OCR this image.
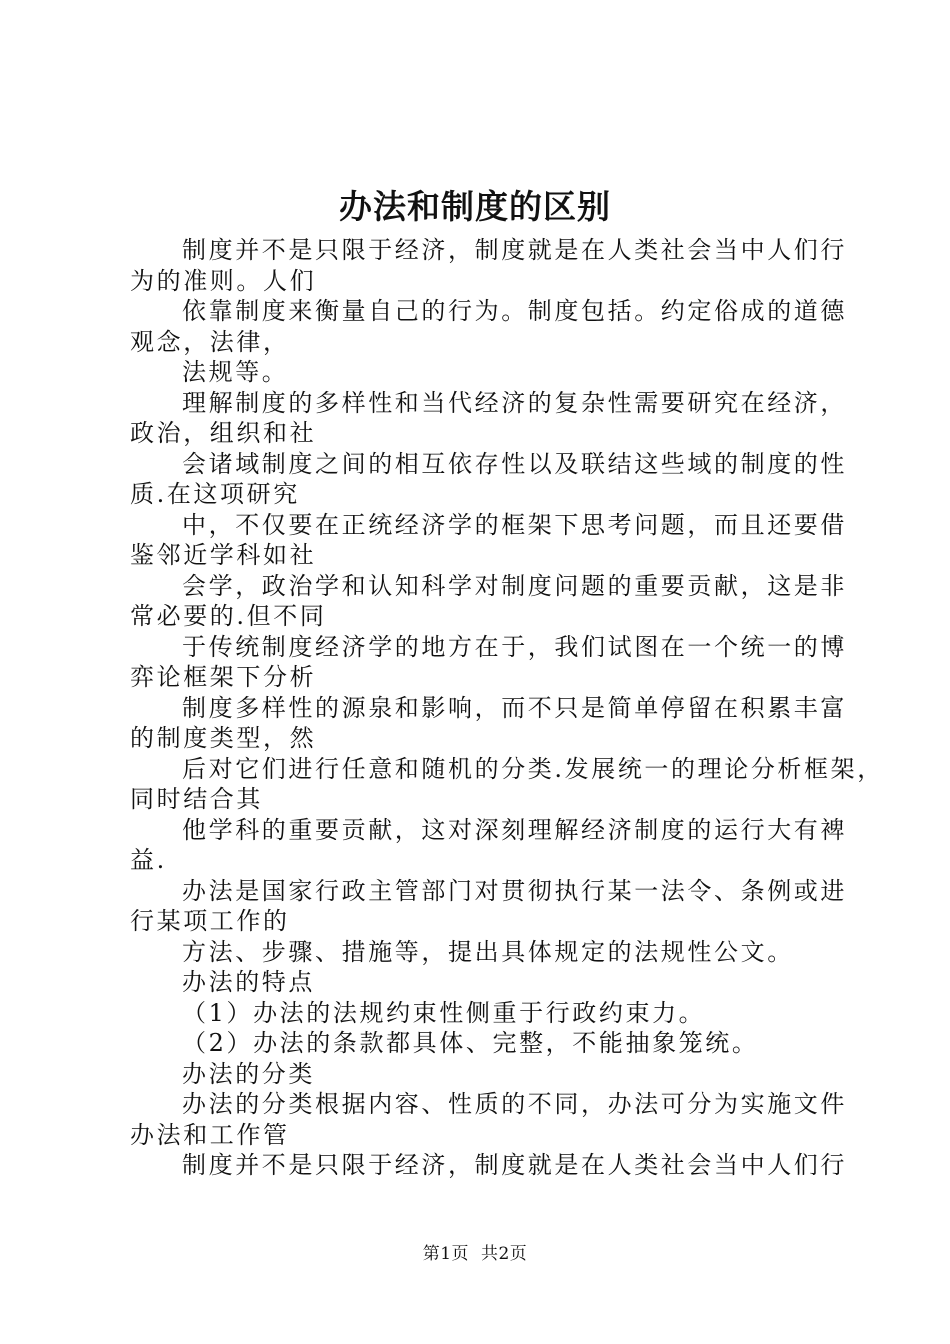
办法和制度的区别

制度并不是只限于经济，制度就是在人类社会当中人们行
为的准则。人们

依靠制度来衡量自己的行为。制度包括。约定俗成的道德
观念，法律，

法规等。

理解制度的多样性和当代经济的复杂性需要研究在经济，
政治，组织和社

会诸域制度之间的相互依存性以及联结这些域的制度的性
质.在这项研究

中，不仅要在正统经济学的框架下思考问题，而且还要借
鉴邻近学科如社

会学，政治学和认知科学对制度问题的重要贡献，这是非
常必要的.但不同

于传统制度经济学的地方在于，我们试图在一个统一的博
弈论框架下分析

制度多样性的源泉和影响，而不只是简单停留在积累丰富
的制度类型，然

后对它们进行任意和随机的分类.发展统一的理论分析框架，
同时结合其

他学科的重要贡献，这对深刻理解经济制度的运行大有裨
益.

办法是国家行政主管部门对贯彻执行某一法令、条例或进
行某项工作的

方法、步骤、措施等，提出具体规定的法规性公文。

办法的特点

（1）办法的法规约束性侧重于行政约束力。

（2）办法的条款都具体、完整，不能抽象笼统。

办法的分类

办法的分类根据内容、性质的不同，办法可分为实施文件
办法和工作管

制度并不是只限于经济，制度就是在人类社会当中人们行

第1页 共2页
